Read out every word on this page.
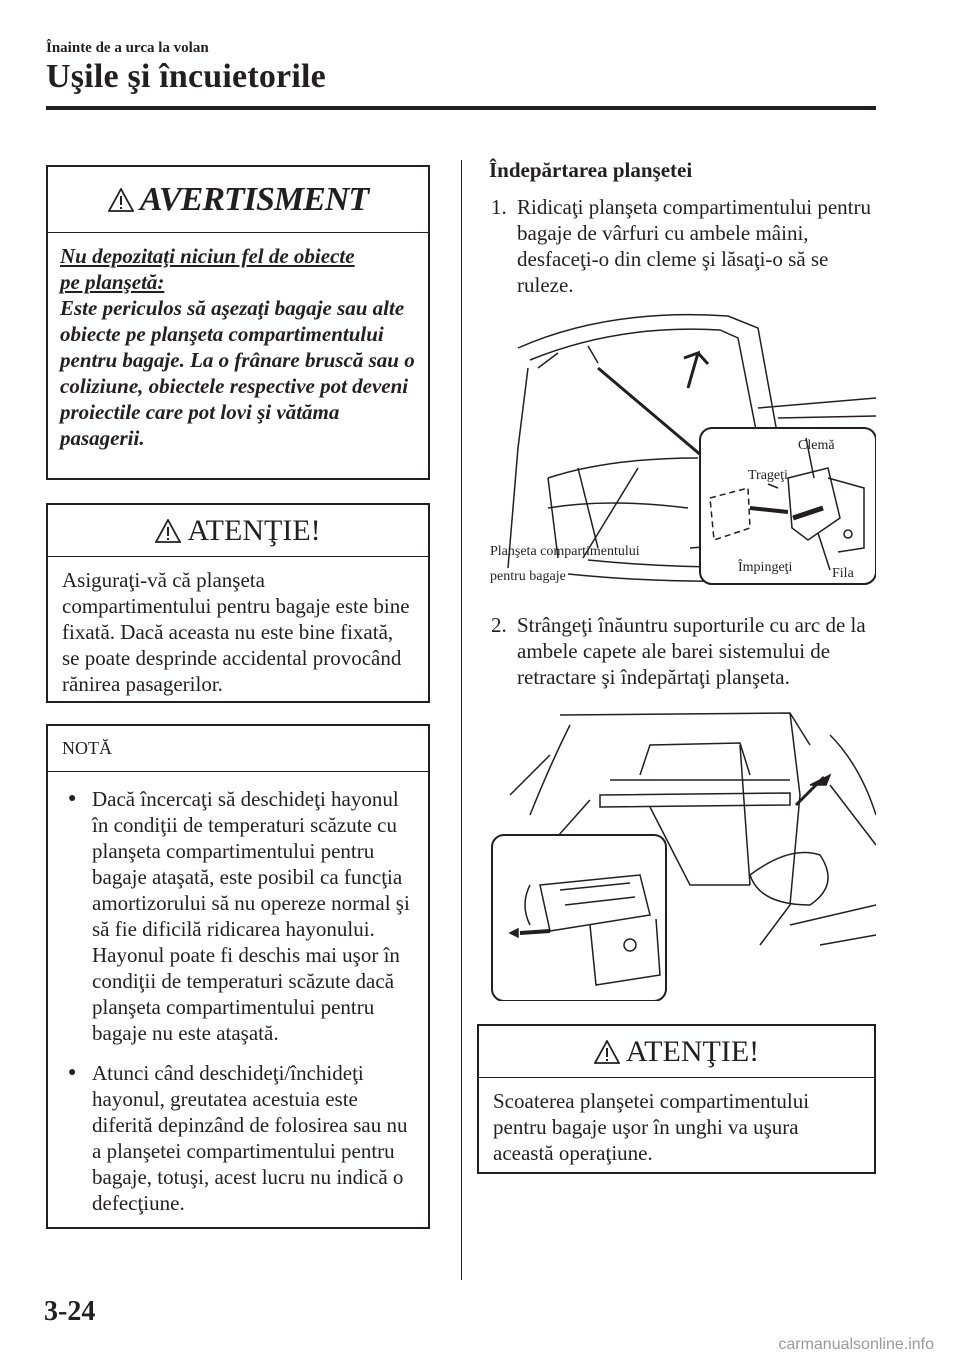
Înainte de a urca la volan
Uşile şi încuietorile
AVERTISMENT
Nu depozitaţi niciun fel de obiecte
pe planşetă:
Este periculos să aşezaţi bagaje sau alte obiecte pe planşeta compartimentului pentru bagaje. La o frânare bruscă sau o coliziune, obiectele respective pot deveni proiectile care pot lovi şi vătăma pasagerii.
ATENŢIE!
Asiguraţi-vă că planşeta compartimentului pentru bagaje este bine fixată. Dacă aceasta nu este bine fixată, se poate desprinde accidental provocând rănirea pasagerilor.
NOTĂ
● Dacă încercaţi să deschideţi hayonul în condiţii de temperaturi scăzute cu planşeta compartimentului pentru bagaje ataşată, este posibil ca funcţia amortizorului să nu opereze normal şi să fie dificilă ridicarea hayonului. Hayonul poate fi deschis mai uşor în condiţii de temperaturi scăzute dacă planşeta compartimentului pentru bagaje nu este ataşată.
● Atunci când deschideţi/închideţi hayonul, greutatea acestuia este diferită depinzând de folosirea sau nu a planşetei compartimentului pentru bagaje, totuşi, acest lucru nu indică o defecţiune.
Îndepărtarea planşetei
1. Ridicaţi planşeta compartimentului pentru bagaje de vârfuri cu ambele mâini, desfaceţi-o din cleme şi lăsaţi-o să se ruleze.
Clemă
Trageţi
Planşeta compartimentului
pentru bagaje
Împingeţi	Fila
2. Strângeţi înăuntru suporturile cu arc de la ambele capete ale barei sistemului de retractare şi îndepărtaţi planşeta.
ATENŢIE!
Scoaterea planşetei compartimentului pentru bagaje uşor în unghi va uşura această operaţiune.
3-24
carmanualsonline.info
